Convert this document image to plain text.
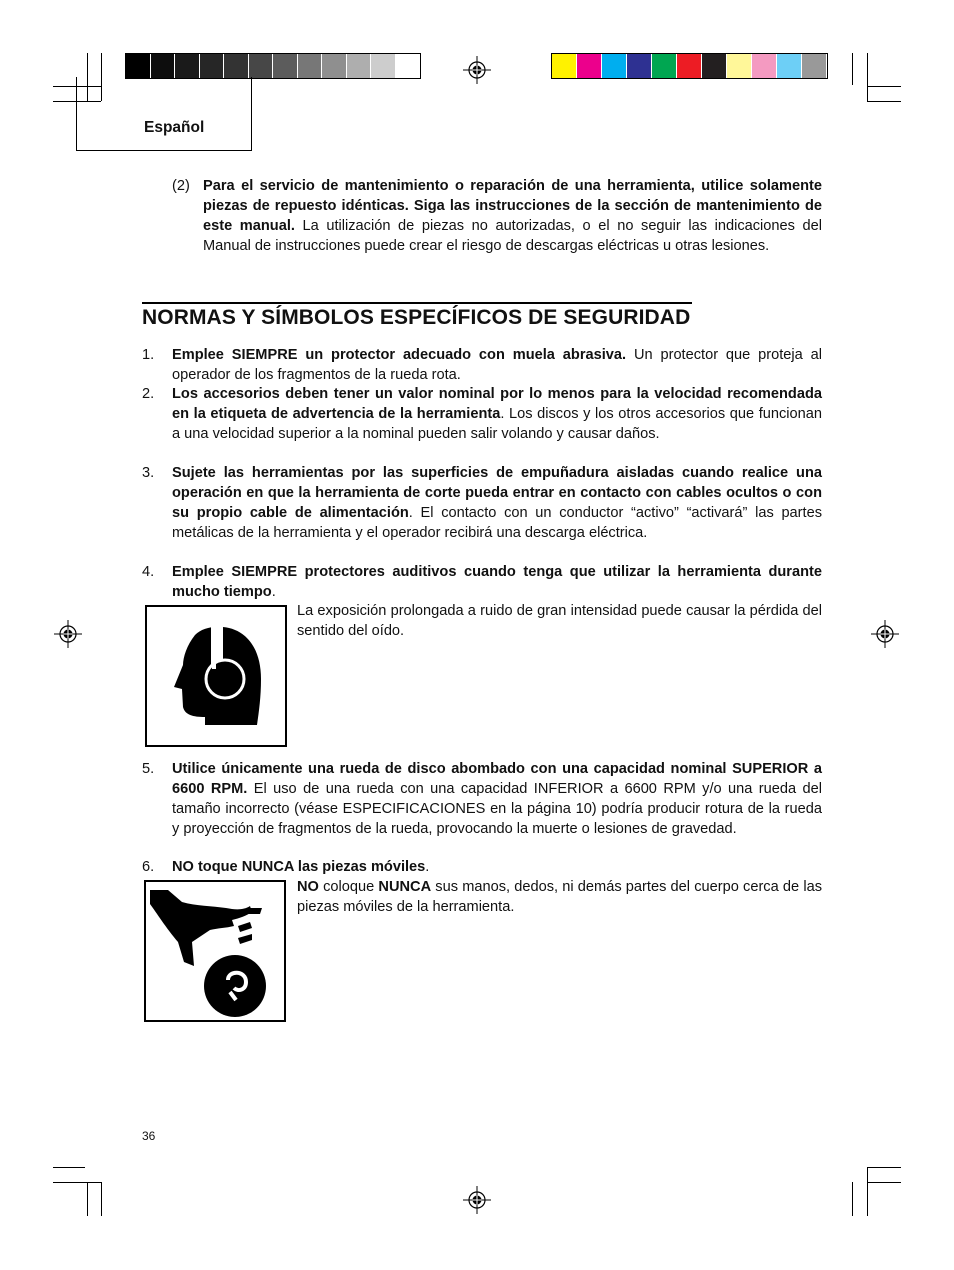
Español
(2) Para el servicio de mantenimiento o reparación de una herramienta, utilice solamente piezas de repuesto idénticas. Siga las instrucciones de la sección de mantenimiento de este manual. La utilización de piezas no autorizadas, o el no seguir las indicaciones del Manual de instrucciones puede crear el riesgo de descargas eléctricas u otras lesiones.
NORMAS Y SÍMBOLOS ESPECÍFICOS DE SEGURIDAD
1. Emplee SIEMPRE un protector adecuado con muela abrasiva. Un protector que proteja al operador de los fragmentos de la rueda rota.
2. Los accesorios deben tener un valor nominal por lo menos para la velocidad recomendada en la etiqueta de advertencia de la herramienta. Los discos y los otros accesorios que funcionan a una velocidad superior a la nominal pueden salir volando y causar daños.
3. Sujete las herramientas por las superficies de empuñadura aisladas cuando realice una operación en que la herramienta de corte pueda entrar en contacto con cables ocultos o con su propio cable de alimentación. El contacto con un conductor “activo” “activará” las partes metálicas de la herramienta y el operador recibirá una descarga eléctrica.
4. Emplee SIEMPRE protectores auditivos cuando tenga que utilizar la herramienta durante mucho tiempo.
La exposición prolongada a ruido de gran intensidad puede causar la pérdida del sentido del oído.
5. Utilice únicamente una rueda de disco abombado con una capacidad nominal SUPERIOR a 6600 RPM. El uso de una rueda con una capacidad INFERIOR a 6600 RPM y/o una rueda del tamaño incorrecto (véase ESPECIFICACIONES en la página 10) podría producir rotura de la rueda y proyección de fragmentos de la rueda, provocando la muerte o lesiones de gravedad.
6. NO toque NUNCA las piezas móviles.
NO coloque NUNCA sus manos, dedos, ni demás partes del cuerpo cerca de las piezas móviles de la herramienta.
36
